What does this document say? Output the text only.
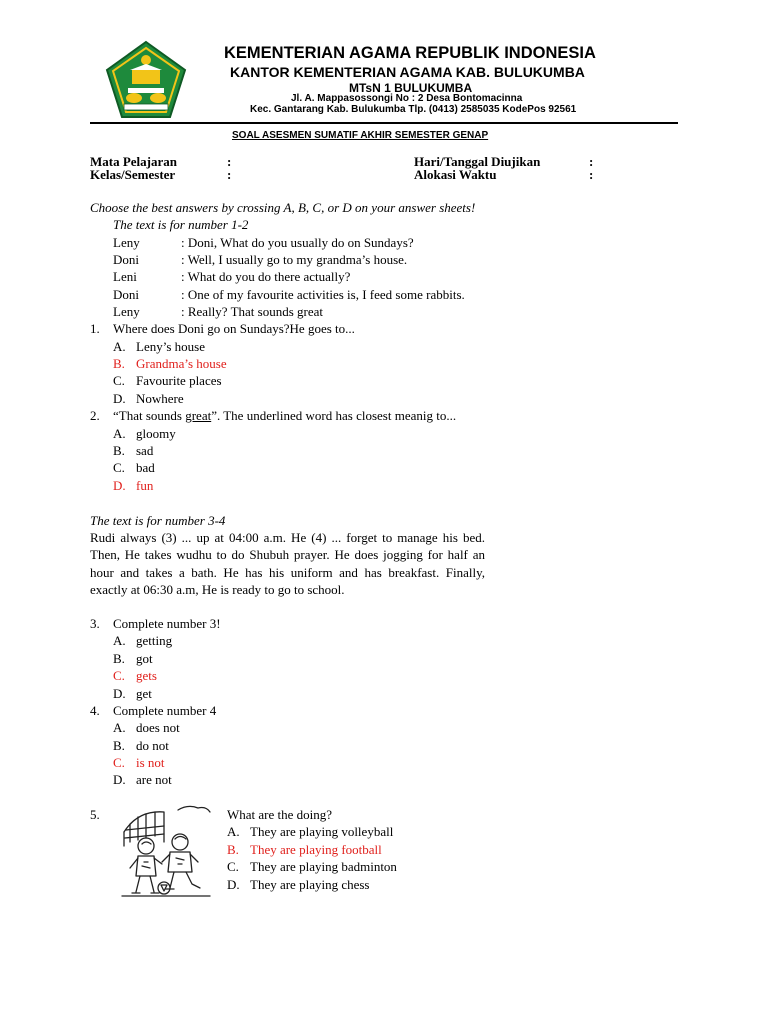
KEMENTERIAN AGAMA REPUBLIK INDONESIA
KANTOR KEMENTERIAN AGAMA KAB. BULUKUMBA
MTsN 1 BULUKUMBA
Jl. A. Mappasossongi No : 2 Desa Bontomacinna
Kec. Gantarang Kab. Bulukumba Tlp. (0413) 2585035 KodePos 92561
SOAL ASESMEN SUMATIF AKHIR SEMESTER GENAP
Mata Pelajaran	:
Kelas/Semester	:
Hari/Tanggal Diujikan	:
Alokasi Waktu	:
Choose the best answers by crossing A, B, C, or D on your answer sheets!
The text is for number 1-2
Leny	: Doni, What do you usually do on Sundays?
Doni	: Well, I usually go to my grandma’s house.
Leni	: What do you do there actually?
Doni	: One of my favourite activities is, I feed some rabbits.
Leny	: Really? That sounds great
1. Where does Doni go on Sundays?He goes to...
A. Leny’s house
B. Grandma’s house
C. Favourite places
D. Nowhere
2. “That sounds great”. The underlined word has closest meanig to...
A. gloomy
B. sad
C. bad
D. fun
The text is for number 3-4
Rudi always (3) ... up at 04:00 a.m. He (4) ... forget to manage his bed. Then, He takes wudhu to do Shubuh prayer. He does jogging for half an hour and takes a bath. He has his uniform and has breakfast. Finally, exactly at 06:30 a.m, He is ready to go to school.
3. Complete number 3!
A. getting
B. got
C. gets
D. get
4. Complete number 4
A. does not
B. do not
C. is not
D. are not
5.	What are the doing?
A. They are playing volleyball
B. They are playing football
C. They are playing badminton
D. They are playing chess
